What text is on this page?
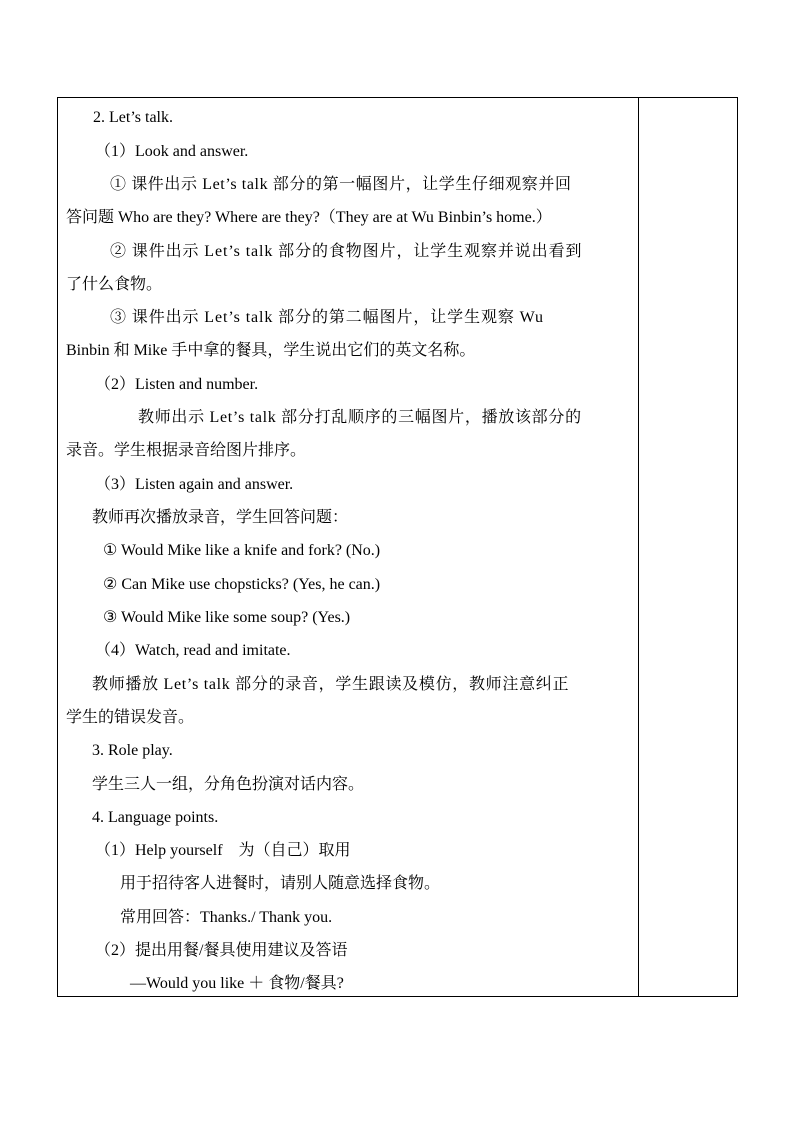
2. Let’s talk.
（1）Look and answer.
① 课件出示 Let’s talk 部分的第一幅图片，让学生仔细观察并回
答问题 Who are they? Where are they?（They are at Wu Binbin’s home.）
② 课件出示 Let’s talk 部分的食物图片，让学生观察并说出看到
了什么食物。
③ 课件出示 Let’s talk 部分的第二幅图片，让学生观察 Wu
Binbin 和 Mike 手中拿的餐具，学生说出它们的英文名称。
（2）Listen and number.
教师出示 Let’s talk 部分打乱顺序的三幅图片，播放该部分的
录音。学生根据录音给图片排序。
（3）Listen again and answer.
教师再次播放录音，学生回答问题：
① Would Mike like a knife and fork? (No.)
② Can Mike use chopsticks? (Yes, he can.)
③ Would Mike like some soup? (Yes.)
（4）Watch, read and imitate.
教师播放 Let’s talk 部分的录音，学生跟读及模仿，教师注意纠正
学生的错误发音。
3. Role play.
学生三人一组，分角色扮演对话内容。
4. Language points.
（1）Help yourself　为（自己）取用
用于招待客人进餐时，请别人随意选择食物。
常用回答：Thanks./ Thank you.
（2）提出用餐/餐具使用建议及答语
—Would you like ＋ 食物/餐具?
